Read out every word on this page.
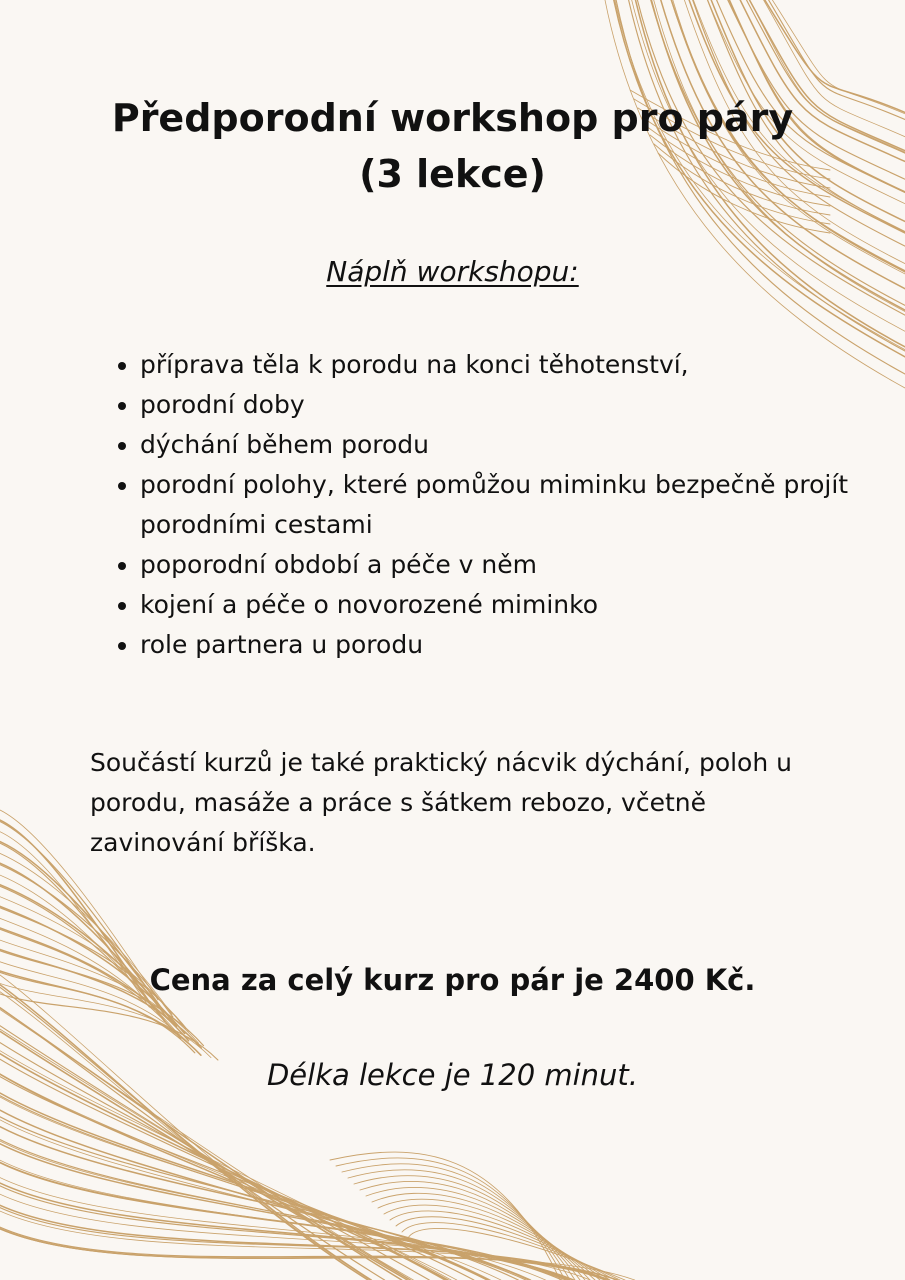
Předporodní workshop pro páry
(3 lekce)
Náplň workshopu:
• příprava těla k porodu na konci těhotenství,
• porodní doby
• dýchání během porodu
• porodní polohy, které pomůžou miminku bezpečně projít porodními cestami
• poporodní období a péče v něm
• kojení a péče o novorozené miminko
• role partnera u porodu

Součástí kurzů je také praktický nácvik dýchání, poloh u porodu, masáže a práce s šátkem rebozo, včetně zavinování bříška.

Cena za celý kurz pro pár je 2400 Kč.

Délka lekce je 120 minut.
